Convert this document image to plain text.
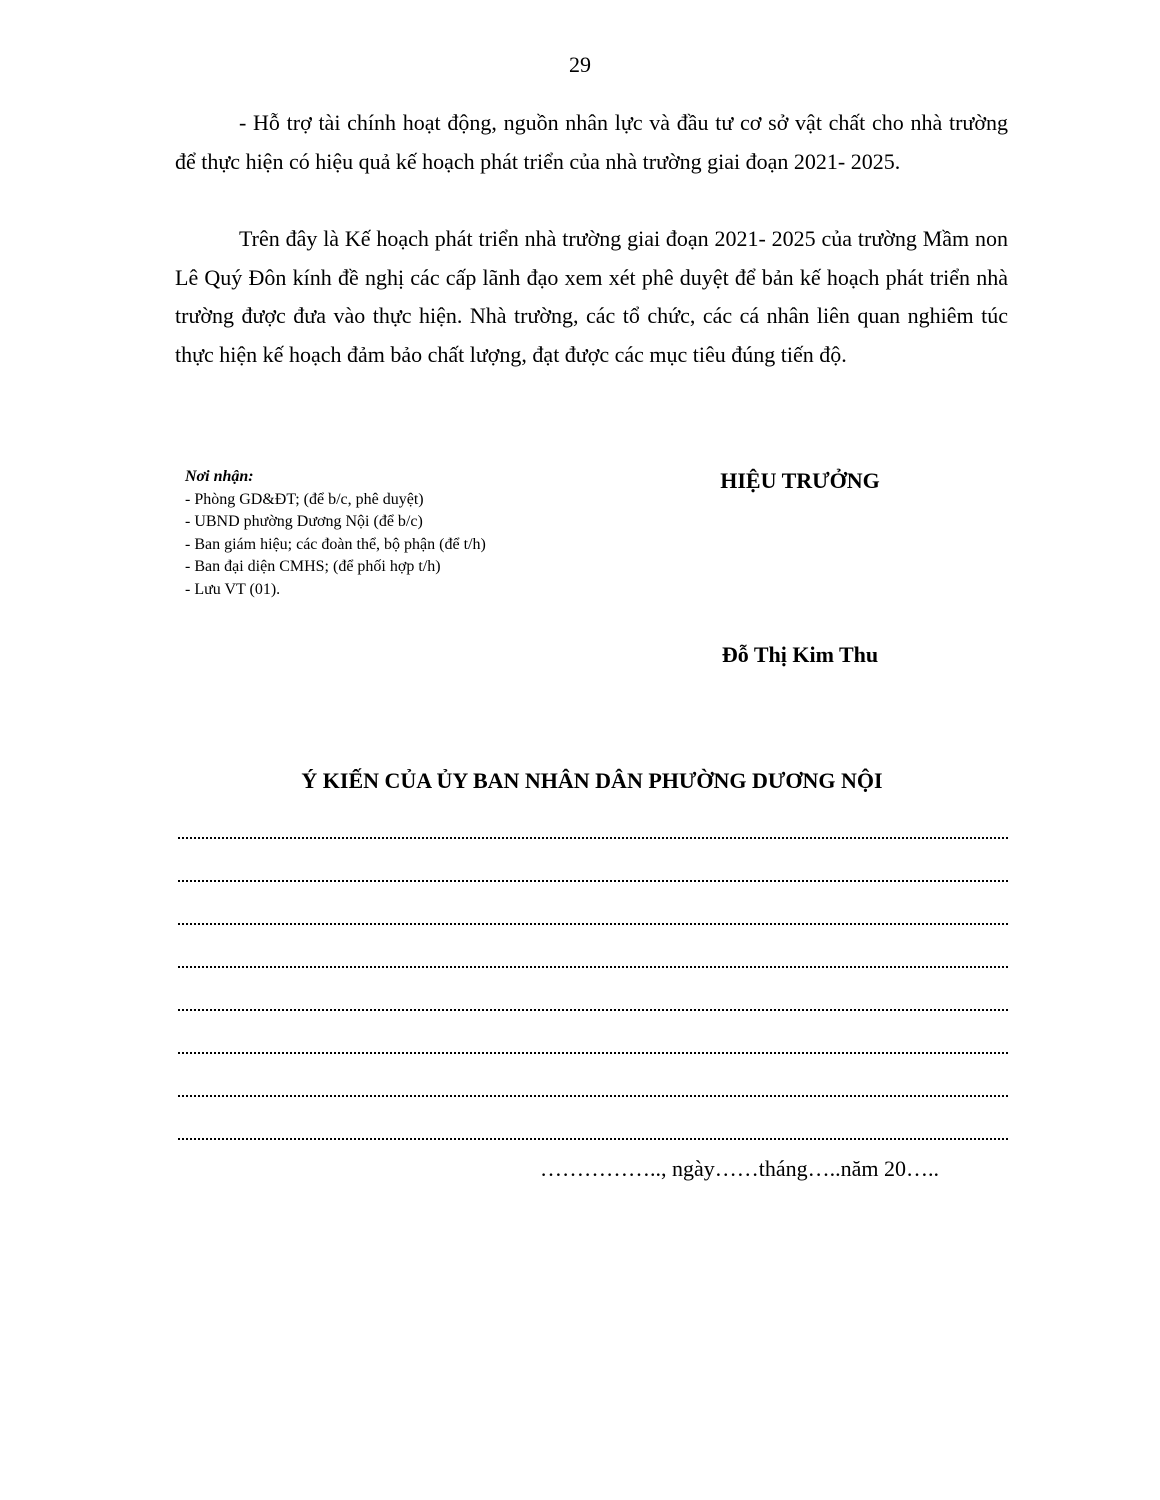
29

- Hỗ trợ tài chính hoạt động, nguồn nhân lực và đầu tư cơ sở vật chất cho nhà trường để thực hiện có hiệu quả kế hoạch phát triển của nhà trường giai đoạn 2021- 2025.

Trên đây là Kế hoạch phát triển nhà trường giai đoạn 2021- 2025 của trường Mầm non Lê Quý Đôn kính đề nghị các cấp lãnh đạo xem xét phê duyệt để bản kế hoạch phát triển nhà trường được đưa vào thực hiện. Nhà trường, các tổ chức, các cá nhân liên quan nghiêm túc thực hiện kế hoạch đảm bảo chất lượng, đạt được các mục tiêu đúng tiến độ.

Nơi nhận:
- Phòng GD&ĐT; (để b/c, phê duyệt)
- UBND phường Dương Nội (để b/c)
- Ban giám hiệu; các đoàn thể, bộ phận (để t/h)
- Ban đại diện CMHS; (để phối hợp t/h)
- Lưu VT (01).
HIỆU TRƯỞNG
Đỗ Thị Kim Thu
Ý KIẾN CỦA ỦY BAN NHÂN DÂN PHƯỜNG DƯƠNG NỘI
…………….., ngày……tháng…..năm 20…..
